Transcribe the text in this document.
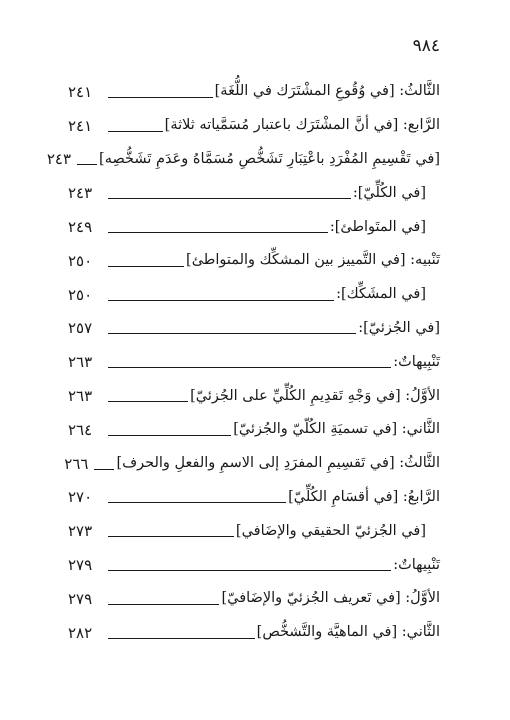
٩٨٤
الثَّالثُ: [في وُقُوعِ المشْتَرَك في اللُّغَة]
٢٤١
الرَّابع: [في أنَّ المشْتَرَك باعتبار مُسَمَّياته ثلاثة]
٢٤١
[في تَقْسِيمِ المُفْرَدِ باعْتِبَارِ تَشَخُّصِ مُسَمَّاهُ وعَدَمِ تَشَخُّصِه]
٢٤٣
[في الكُلِّيّ]:
٢٤٣
[في المتَواطئ]:
٢٤٩
تَنْبيه: [في التَّمييز بين المشكِّك والمتواطئ]
٢٥٠
[في المشَكِّك]:
٢٥٠
[في الجُزئيّ]:
٢٥٧
تَنْبِيهاتٌ:
٢٦٣
الأوَّلُ: [في وَجْهِ تَقدِيمِ الكُلِّيِّ على الجُزئيّ]
٢٦٣
الثَّاني: [في تسميَةِ الكُلّيّ والجُزئيّ]
٢٦٤
الثَّالثُ: [في تَقسِيمِ المفرَدِ إلى الاسمِ والفعلِ والحرف]
٢٦٦
الرَّابعُ: [في أقسَامِ الكُلِّيّ]
٢٧٠
[في الجُزئيّ الحقيقي والإضَافي]
٢٧٣
تَنْبِيهاتٌ:
٢٧٩
الأوَّلُ: [في تَعريف الجُزئيّ والإضَافيّ]
٢٧٩
الثَّاني: [في الماهيَّة والتَّشخُّص]
٢٨٢
